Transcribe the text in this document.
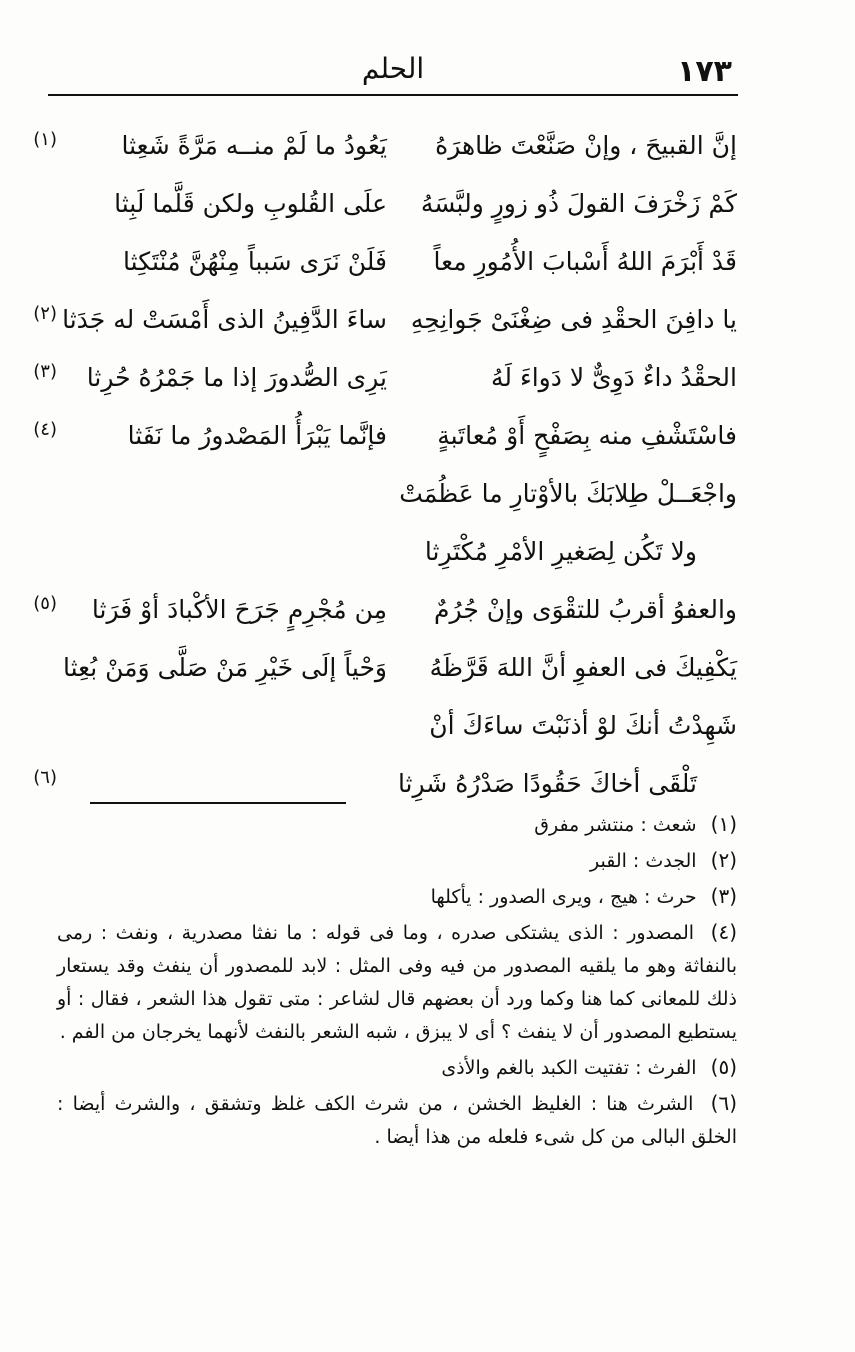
١٧٣
الحلم
إنَّ القبيحَ ، وإنْ صَنَّعْتَ ظاهرَهُ
يَعُودُ ما لَمْ منــه مَرَّةً شَعِثا
(١)
كَمْ زَخْرَفَ القولَ ذُو زورٍ ولبَّسَهُ
علَى القُلوبِ ولكن قَلَّما لَبِثا
قَدْ أَبْرَمَ اللهُ أَسْبابَ الأُمُورِ معاً
فَلَنْ نَرَى سَبباً مِنْهُنَّ مُنْتَكِثا
يا دافِنَ الحقْدِ فى ضِغْنَىْ جَوانِحِهِ
ساءَ الدَّفِينُ الذى أَمْسَتْ له جَدَثا
(٢)
الحقْدُ داءٌ دَوِىٌّ لا دَواءَ لَهُ
يَرِى الصُّدورَ إذا ما جَمْرُهُ حُرِثا
(٣)
فاسْتَشْفِ منه بِصَفْحٍ أَوْ مُعاتَبةٍ
فإنَّما يَبْرَأُ المَصْدورُ ما نَفَثا
(٤)
واجْعَــلْ طِلابَكَ بالأوْتارِ ما عَظُمَتْ
ولا تَكُن لِصَغيرِ الأمْرِ مُكْتَرِثا
والعفوُ أقربُ للتقْوَى وإنْ جُرُمٌ
مِن مُجْرِمٍ جَرَحَ الأكْبادَ أوْ فَرَثا
(٥)
يَكْفِيكَ فى العفوِ أنَّ اللهَ قَرَّظَهُ
وَحْياً إلَى خَيْرِ مَنْ صَلَّى وَمَنْ بُعِثا
شَهِدْتُ أنكَ لوْ أذنَبْتَ ساءَكَ أنْ
تَلْقَى أخاكَ حَقُودًا صَدْرُهُ شَرِثا
(٦)

(١) شعث : منتشر مفرق

(٢) الجدث : القبر

(٣) حرث : هيج ، ويرى الصدور : يأكلها

(٤) المصدور : الذى يشتكى صدره ، وما فى قوله : ما نفثا مصدرية ، ونفث : رمى بالنفاثة وهو ما يلقيه المصدور من فيه وفى المثل : لابد للمصدور أن ينفث وقد يستعار ذلك للمعانى كما هنا وكما ورد أن بعضهم قال لشاعر : متى تقول هذا الشعر ، فقال : أو يستطيع المصدور أن لا ينفث ؟ أى لا يبزق ، شبه الشعر بالنفث لأنهما يخرجان من الفم .

(٥) الفرث : تفتيت الكبد بالغم والأذى

(٦) الشرث هنا : الغليظ الخشن ، من شرث الكف غلظ وتشقق ، والشرث أيضا : الخلق البالى من كل شىء فلعله من هذا أيضا .
